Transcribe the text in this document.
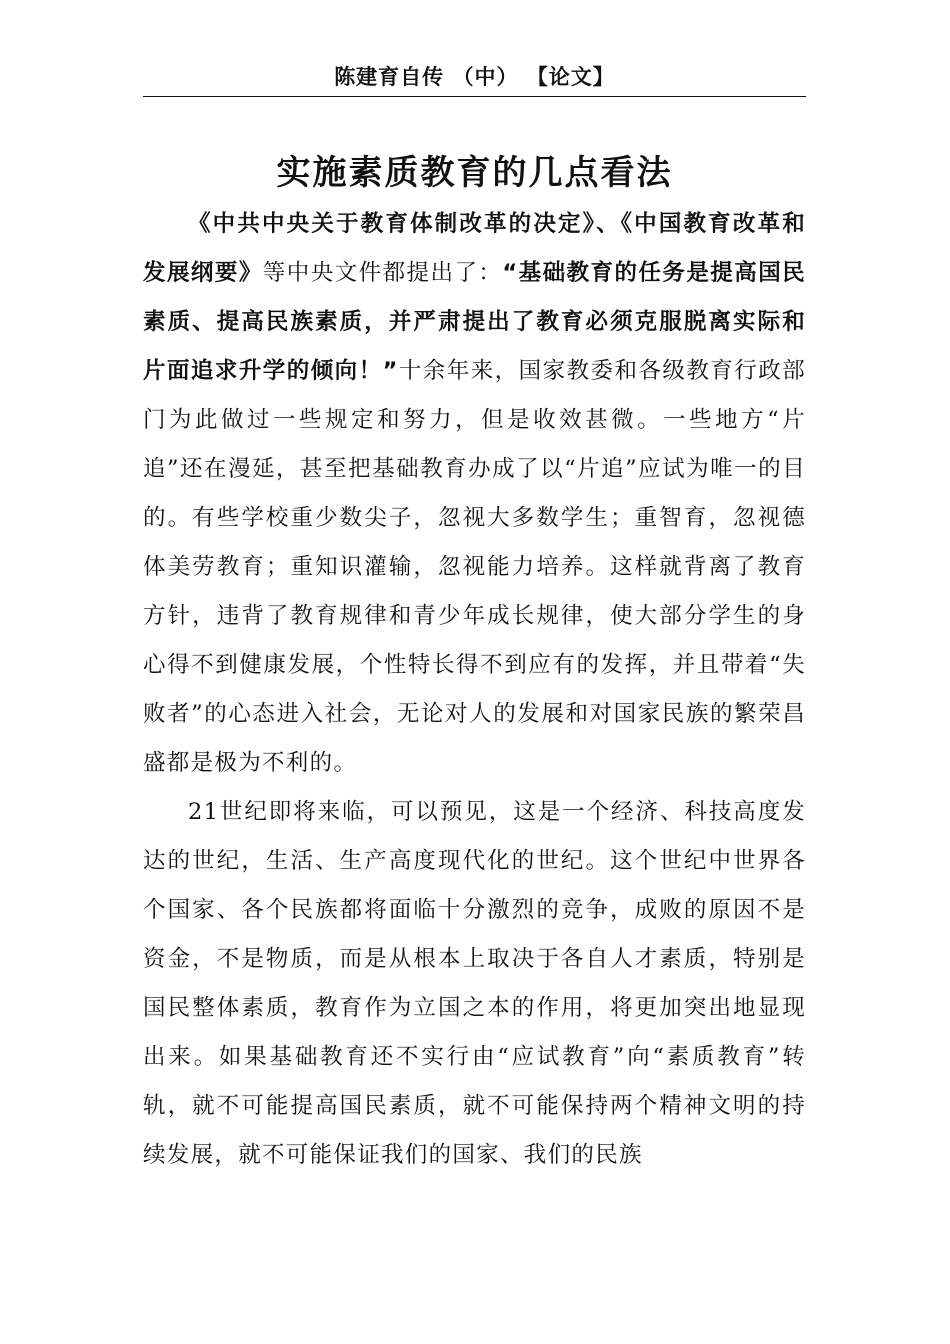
陈建育自传 （中） 【论文】
实施素质教育的几点看法

《中共中央关于教育体制改革的决定》、《中国教育改革和发展纲要》等中央文件都提出了：“基础教育的任务是提高国民素质、提高民族素质，并严肃提出了教育必须克服脱离实际和片面追求升学的倾向！”十余年来，国家教委和各级教育行政部门为此做过一些规定和努力，但是收效甚微。一些地方“片追”还在漫延，甚至把基础教育办成了以“片追”应试为唯一的目的。有些学校重少数尖子，忽视大多数学生；重智育，忽视德体美劳教育；重知识灌输，忽视能力培养。这样就背离了教育方针，违背了教育规律和青少年成长规律，使大部分学生的身心得不到健康发展，个性特长得不到应有的发挥，并且带着“失败者”的心态进入社会，无论对人的发展和对国家民族的繁荣昌盛都是极为不利的。

21世纪即将来临，可以预见，这是一个经济、科技高度发达的世纪，生活、生产高度现代化的世纪。这个世纪中世界各个国家、各个民族都将面临十分激烈的竞争，成败的原因不是资金，不是物质，而是从根本上取决于各自人才素质，特别是国民整体素质，教育作为立国之本的作用，将更加突出地显现出来。如果基础教育还不实行由“应试教育”向“素质教育”转轨，就不可能提高国民素质，就不可能保持两个精神文明的持续发展，就不可能保证我们的国家、我们的民族
